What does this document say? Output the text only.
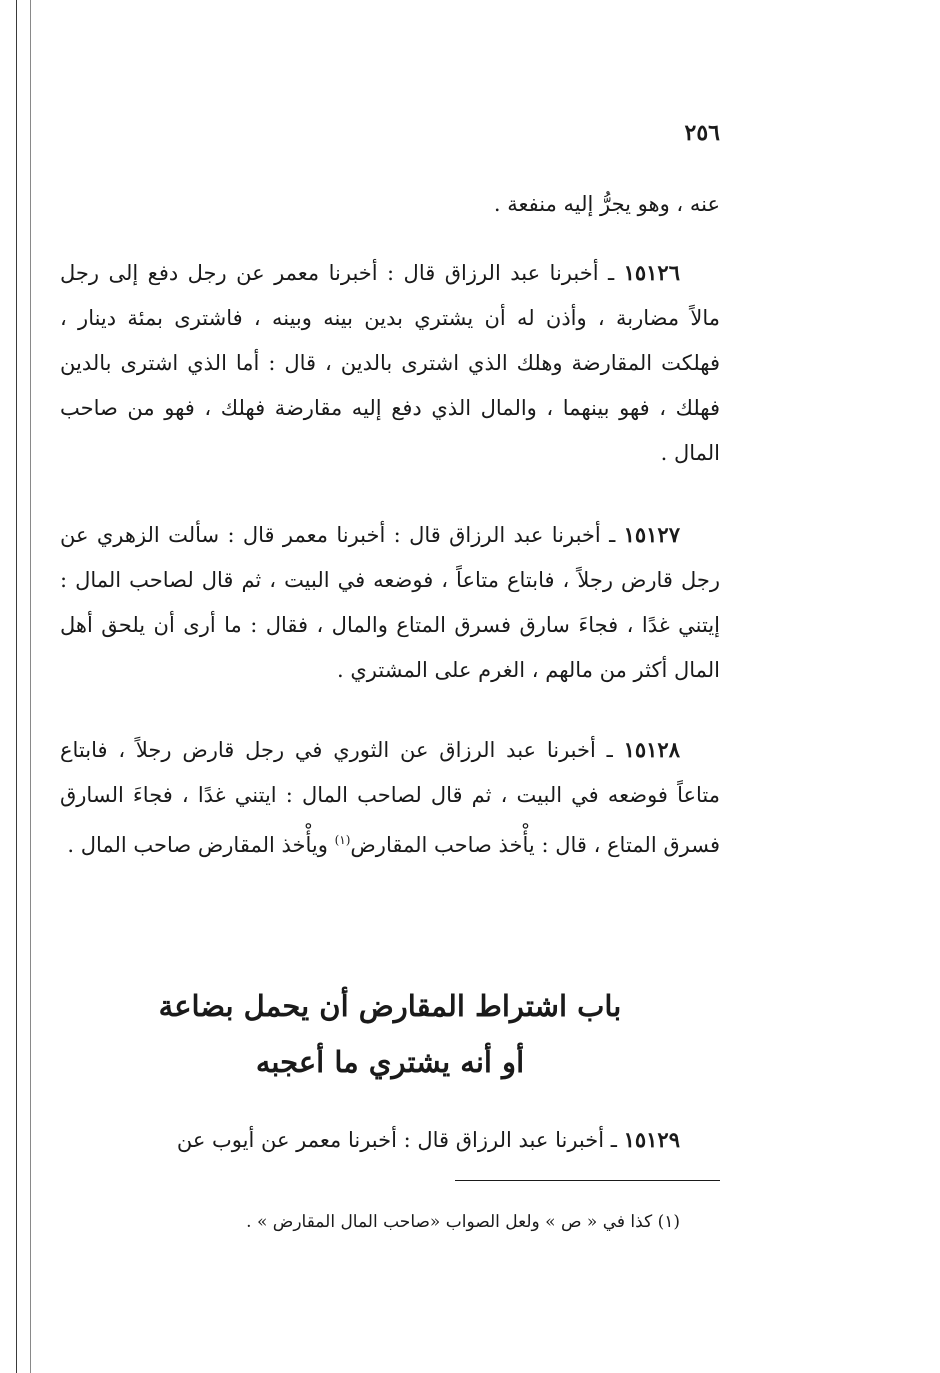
٢٥٦

عنه ، وهو يجرُّ إليه منفعة .

١٥١٢٦ ـ أخبرنا عبد الرزاق قال : أخبرنا معمر عن رجل دفع إلى رجل مالاً مضاربة ، وأذن له أن يشتري بدين بينه وبينه ، فاشترى بمئة دينار ، فهلكت المقارضة وهلك الذي اشترى بالدين ، قال : أما الذي اشترى بالدين فهلك ، فهو بينهما ، والمال الذي دفع إليه مقارضة فهلك ، فهو من صاحب المال .

١٥١٢٧ ـ أخبرنا عبد الرزاق قال : أخبرنا معمر قال : سألت الزهري عن رجل قارض رجلاً ، فابتاع متاعاً ، فوضعه في البيت ، ثم قال لصاحب المال : إيتني غدًا ، فجاءَ سارق فسرق المتاع والمال ، فقال : ما أرى أن يلحق أهل المال أكثر من مالهم ، الغرم على المشتري .

١٥١٢٨ ـ أخبرنا عبد الرزاق عن الثوري في رجل قارض رجلاً ، فابتاع متاعاً فوضعه في البيت ، ثم قال لصاحب المال : ايتني غدًا ، فجاءَ السارق فسرق المتاع ، قال : يأْخذ صاحب المقارض$^{(١)}$ ويأْخذ المقارض صاحب المال .

باب اشتراط المقارض أن يحمل بضاعة
أو أنه يشتري ما أعجبه

١٥١٢٩ ـ أخبرنا عبد الرزاق قال : أخبرنا معمر عن أيوب عن

(١) كذا في « ص » ولعل الصواب «صاحب المال المقارض » .
